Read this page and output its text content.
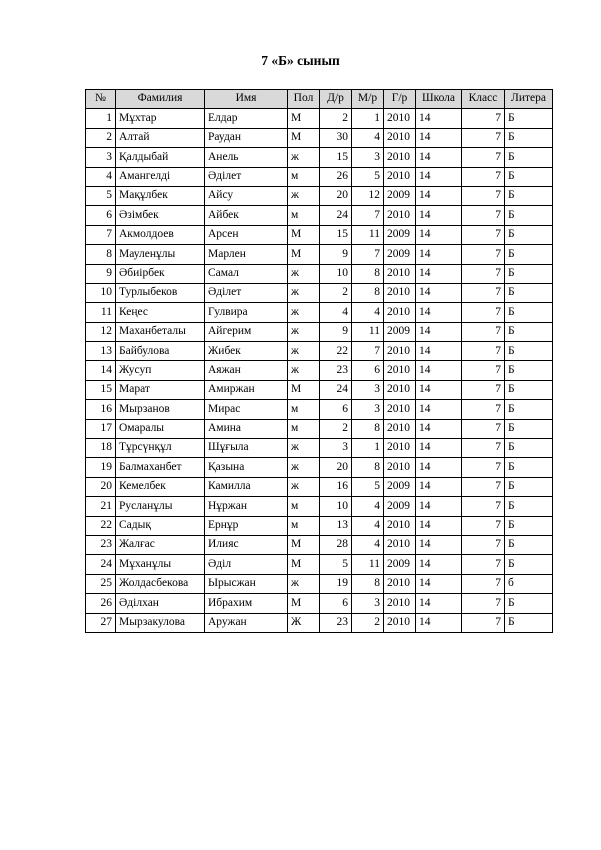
7 «Б» сынып
№	Фамилия	Имя	Пол	Д/р	М/р	Г/р	Школа	Класс	Литера
1	Мұхтар	Елдар	М	2	1	2010	14	7	Б
2	Алтай	Раудан	М	30	4	2010	14	7	Б
3	Қалдыбай	Анель	ж	15	3	2010	14	7	Б
4	Амангелді	Әділет	м	26	5	2010	14	7	Б
5	Мақұлбек	Айсу	ж	20	12	2009	14	7	Б
6	Әзімбек	Айбек	м	24	7	2010	14	7	Б
7	Акмолдоев	Арсен	М	15	11	2009	14	7	Б
8	Мауленұлы	Марлен	М	9	7	2009	14	7	Б
9	Әбиірбек	Самал	ж	10	8	2010	14	7	Б
10	Турлыбеков	Әділет	ж	2	8	2010	14	7	Б
11	Кеңес	Гулвира	ж	4	4	2010	14	7	Б
12	Маханбеталы	Айгерим	ж	9	11	2009	14	7	Б
13	Байбулова	Жибек	ж	22	7	2010	14	7	Б
14	Жусуп	Аяжан	ж	23	6	2010	14	7	Б
15	Марат	Амиржан	М	24	3	2010	14	7	Б
16	Мырзанов	Мирас	м	6	3	2010	14	7	Б
17	Омаралы	Амина	м	2	8	2010	14	7	Б
18	Тұрсүнқұл	Шұғыла	ж	3	1	2010	14	7	Б
19	Балмаханбет	Қазына	ж	20	8	2010	14	7	Б
20	Кемелбек	Камилла	ж	16	5	2009	14	7	Б
21	Русланұлы	Нұржан	м	10	4	2009	14	7	Б
22	Садық	Ернұр	м	13	4	2010	14	7	Б
23	Жалғас	Илияс	М	28	4	2010	14	7	Б
24	Мұханұлы	Әділ	М	5	11	2009	14	7	Б
25	Жолдасбекова	Ырысжан	ж	19	8	2010	14	7	б
26	Әділхан	Ибрахим	М	6	3	2010	14	7	Б
27	Мырзакулова	Аружан	Ж	23	2	2010	14	7	Б
